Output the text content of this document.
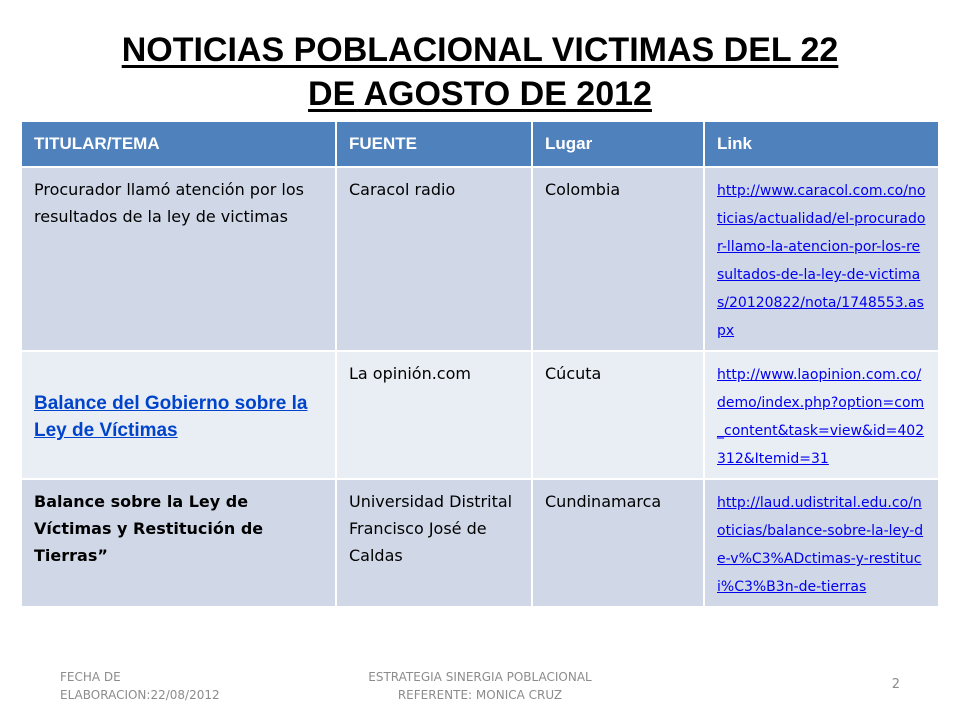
NOTICIAS POBLACIONAL VICTIMAS DEL 22
DE AGOSTO DE 2012
TITULAR/TEMA	FUENTE	Lugar	Link
Procurador llamó atención por los resultados de la ley de victimas	Caracol radio	Colombia	http://www.caracol.com.co/noticias/actualidad/el-procurador-llamo-la-atencion-por-los-resultados-de-la-ley-de-victimas/20120822/nota/1748553.aspx

Balance del Gobierno sobre la Ley de Víctimas	La opinión.com	Cúcuta	http://www.laopinion.com.co/demo/index.php?option=com_content&task=view&id=402312&Itemid=31
Balance sobre la Ley de Víctimas y Restitución de Tierras”	Universidad Distrital Francisco José de Caldas	Cundinamarca	http://laud.udistrital.edu.co/noticias/balance-sobre-la-ley-de-v%C3%ADctimas-y-restituci%C3%B3n-de-tierras
FECHA DE ELABORACION:22/08/2012
ESTRATEGIA SINERGIA POBLACIONAL
REFERENTE: MONICA CRUZ
2
